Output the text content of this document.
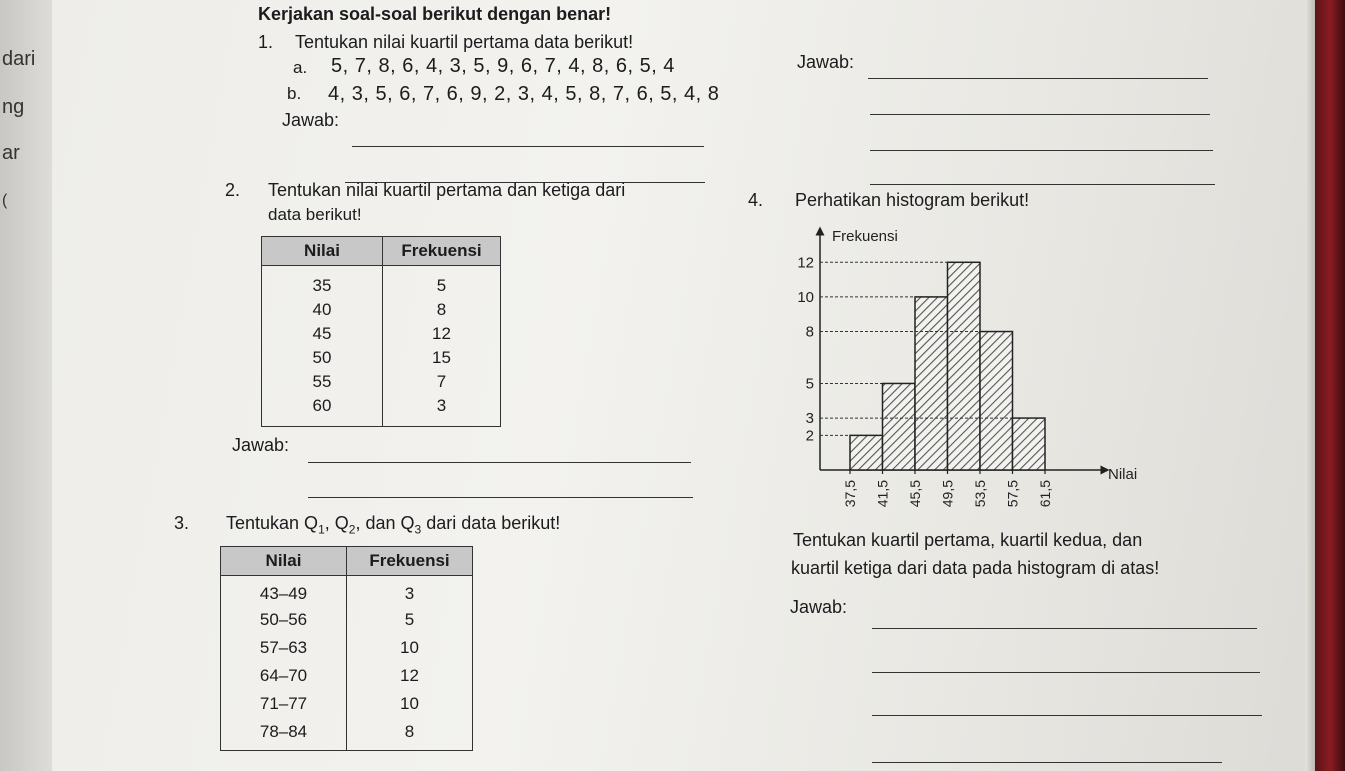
dari
ng
ar
(
Kerjakan soal-soal berikut dengan benar!
1. Tentukan nilai kuartil pertama data berikut!
a. 5, 7, 8, 6, 4, 3, 5, 9, 6, 7, 4, 8, 6, 5, 4
b. 4, 3, 5, 6, 7, 6, 9, 2, 3, 4, 5, 8, 7, 6, 5, 4, 8
Jawab:
Jawab:
2. Tentukan nilai kuartil pertama dan ketiga dari
data berikut!
Nilai	Frekuensi
35	5
40	8
45	12
50	15
55	7
60	3
Jawab:
3. Tentukan $Q_1$, $Q_2$, dan $Q_3$ dari data berikut!
Nilai	Frekuensi
43–49	3
50–56	5
57–63	10
64–70	12
71–77	10
78–84	8
4. Perhatikan histogram berikut!
Frekuensi
Nilai
2
3
5
8
10
12
37,5 41,5 45,5 49,5 53,5 57,5 61,5
Tentukan kuartil pertama, kuartil kedua, dan
kuartil ketiga dari data pada histogram di atas!
Jawab:
